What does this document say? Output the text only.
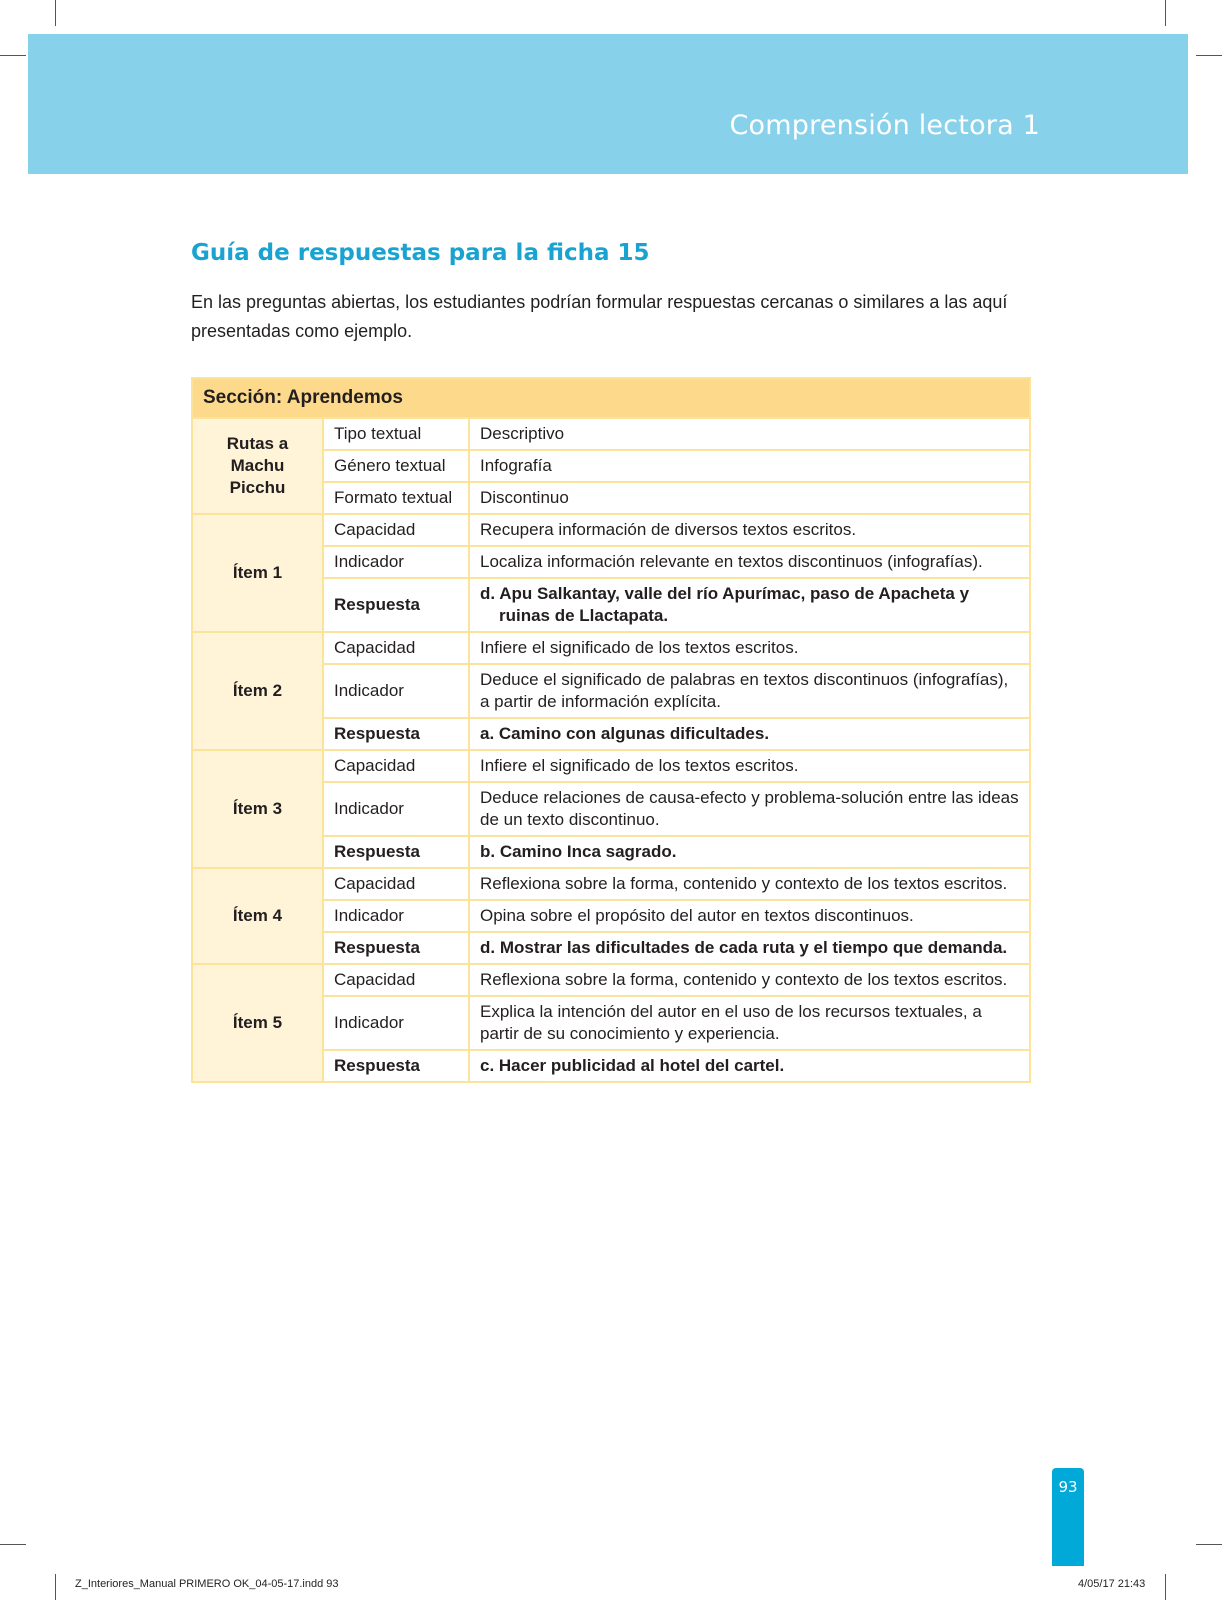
Comprensión lectora 1
Guía de respuestas para la ficha 15

En las preguntas abiertas, los estudiantes podrían formular respuestas cercanas o similares a las aquí presentadas como ejemplo.

Sección: Aprendemos		
Rutas a Machu Picchu	Tipo textual	Descriptivo
	Género textual	Infografía
	Formato textual	Discontinuo
Ítem 1	Capacidad	Recupera información de diversos textos escritos.
	Indicador	Localiza información relevante en textos discontinuos (infografías).
	Respuesta	d. Apu Salkantay, valle del río Apurímac, paso de Apacheta y ruinas de Llactapata.
Ítem 2	Capacidad	Infiere el significado de los textos escritos.
	Indicador	Deduce el significado de palabras en textos discontinuos (infografías), a partir de información explícita.
	Respuesta	a. Camino con algunas dificultades.
Ítem 3	Capacidad	Infiere el significado de los textos escritos.
	Indicador	Deduce relaciones de causa-efecto y problema-solución entre las ideas de un texto discontinuo.
	Respuesta	b. Camino Inca sagrado.
Ítem 4	Capacidad	Reflexiona sobre la forma, contenido y contexto de los textos escritos.
	Indicador	Opina sobre el propósito del autor en textos discontinuos.
	Respuesta	d. Mostrar las dificultades de cada ruta y el tiempo que demanda.
Ítem 5	Capacidad	Reflexiona sobre la forma, contenido y contexto de los textos escritos.
	Indicador	Explica la intención del autor en el uso de los recursos textuales, a partir de su conocimiento y experiencia.
	Respuesta	c. Hacer publicidad al hotel del cartel.
93
Z_Interiores_Manual PRIMERO OK_04-05-17.indd 93	4/05/17 21:43
